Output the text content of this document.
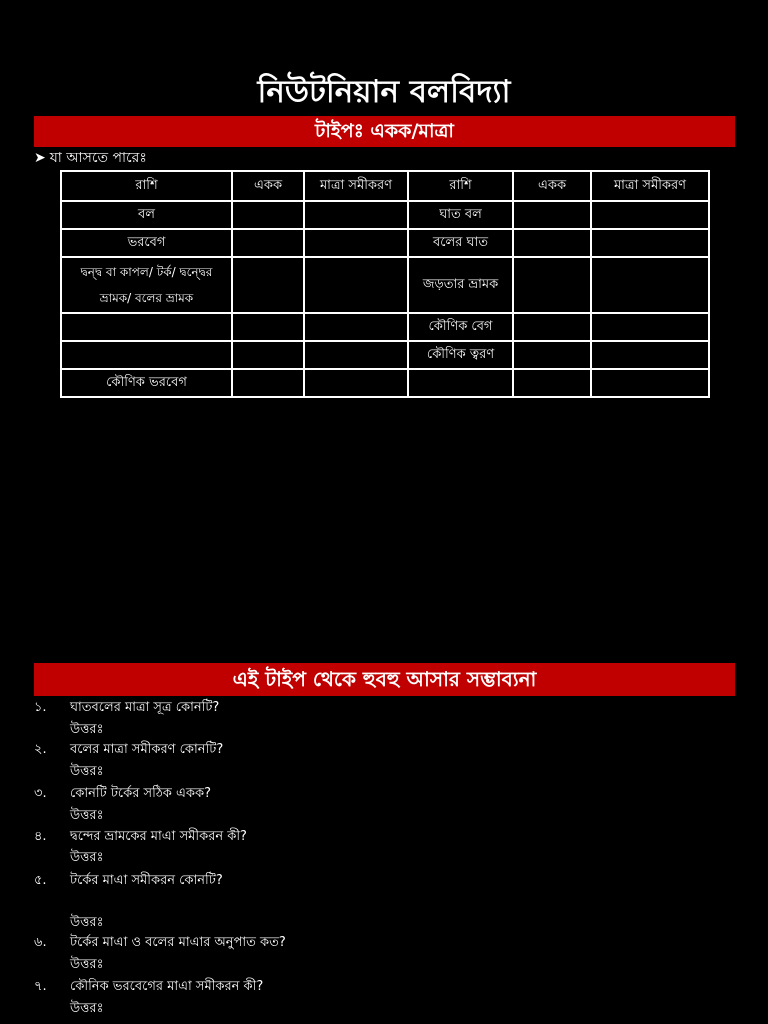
নিউটনিয়ান বলবিদ্যা
টাইপঃ একক/মাত্রা
➤ যা আসতে পারেঃ
রাশি	একক	মাত্রা সমীকরণ	রাশি	একক	মাত্রা সমীকরণ
বল			ঘাত বল		
ভরবেগ			বলের ঘাত		
দ্বন্দ্ব বা কাপল/ টর্ক/ দ্বন্দ্বের ভ্রামক/ বলের ভ্রামক			জড়তার ভ্রামক		
			কৌণিক বেগ		
			কৌণিক ত্বরণ		
কৌণিক ভরবেগ					
এই টাইপ থেকে হুবহু আসার সম্ভাব্যনা
১. ঘাতবলের মাত্রা সূত্র কোনটি?
উত্তরঃ
২. বলের মাত্রা সমীকরণ কোনটি?
উত্তরঃ
৩. কোনটি টর্কের সঠিক একক?
উত্তরঃ
৪. দ্বন্দের ভ্রামকের মাএা সমীকরন কী?
উত্তরঃ
৫. টর্কের মাএা সমীকরন কোনটি?
উত্তরঃ
৬. টর্কের মাএা ও বলের মাএার অনুপাত কত?
উত্তরঃ
৭. কৌনিক ভরবেগের মাএা সমীকরন কী?
উত্তরঃ
